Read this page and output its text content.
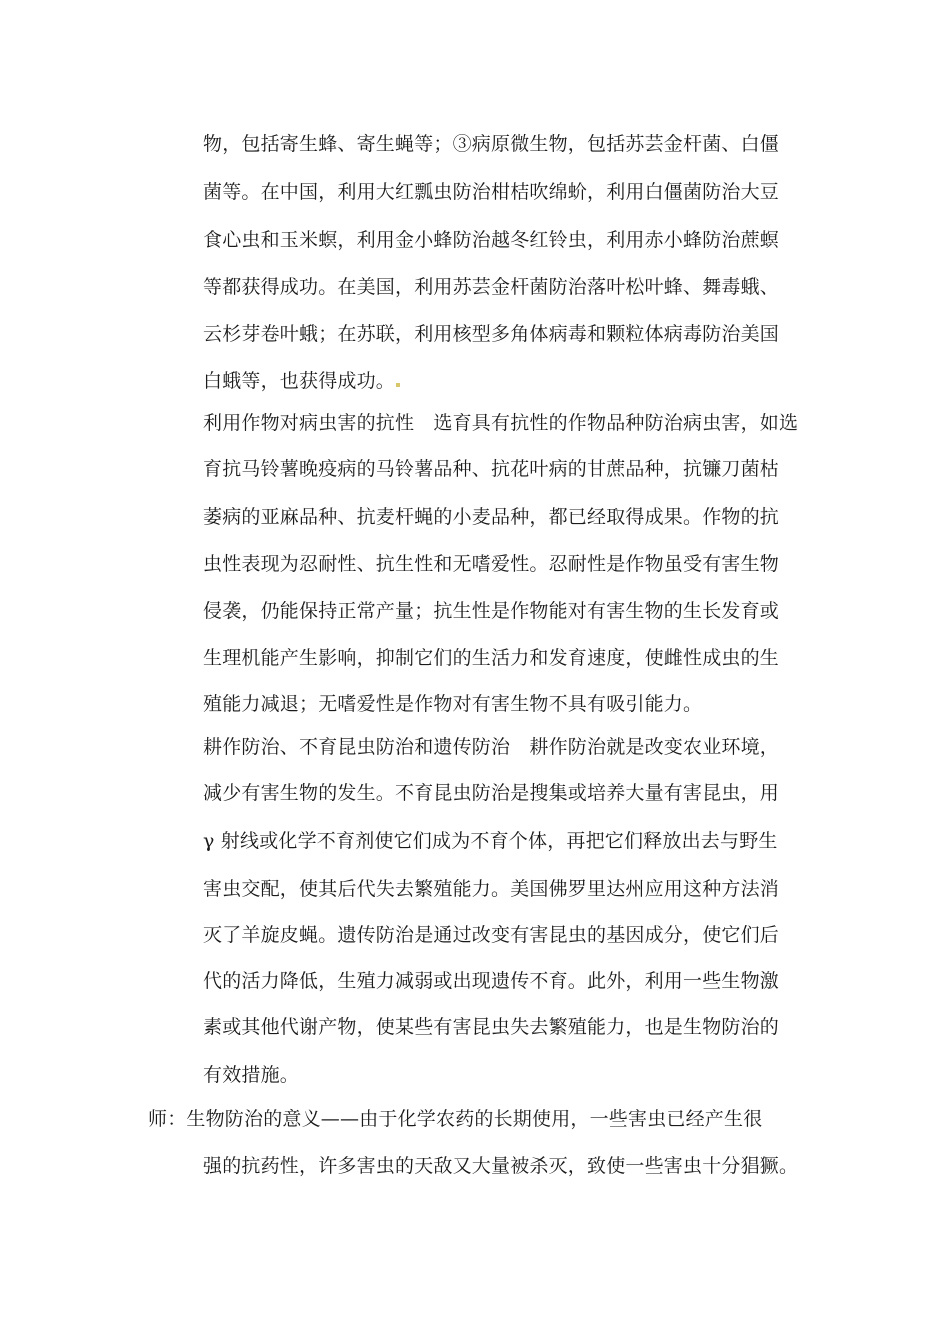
物，包括寄生蜂、寄生蝇等；③病原微生物，包括苏芸金杆菌、白僵
菌等。在中国，利用大红瓢虫防治柑桔吹绵蚧，利用白僵菌防治大豆
食心虫和玉米螟，利用金小蜂防治越冬红铃虫，利用赤小蜂防治蔗螟
等都获得成功。在美国，利用苏芸金杆菌防治落叶松叶蜂、舞毒蛾、
云杉芽卷叶蛾；在苏联，利用核型多角体病毒和颗粒体病毒防治美国
白蛾等，也获得成功。
利用作物对病虫害的抗性　选育具有抗性的作物品种防治病虫害，如选
育抗马铃薯晚疫病的马铃薯品种、抗花叶病的甘蔗品种，抗镰刀菌枯
萎病的亚麻品种、抗麦杆蝇的小麦品种，都已经取得成果。作物的抗
虫性表现为忍耐性、抗生性和无嗜爱性。忍耐性是作物虽受有害生物
侵袭，仍能保持正常产量；抗生性是作物能对有害生物的生长发育或
生理机能产生影响，抑制它们的生活力和发育速度，使雌性成虫的生
殖能力减退；无嗜爱性是作物对有害生物不具有吸引能力。
耕作防治、不育昆虫防治和遗传防治　耕作防治就是改变农业环境，
减少有害生物的发生。不育昆虫防治是搜集或培养大量有害昆虫，用
γ 射线或化学不育剂使它们成为不育个体，再把它们释放出去与野生
害虫交配，使其后代失去繁殖能力。美国佛罗里达州应用这种方法消
灭了羊旋皮蝇。遗传防治是通过改变有害昆虫的基因成分，使它们后
代的活力降低，生殖力减弱或出现遗传不育。此外，利用一些生物激
素或其他代谢产物，使某些有害昆虫失去繁殖能力，也是生物防治的
有效措施。
师：生物防治的意义——由于化学农药的长期使用，一些害虫已经产生很
强的抗药性，许多害虫的天敌又大量被杀灭，致使一些害虫十分猖獗。
